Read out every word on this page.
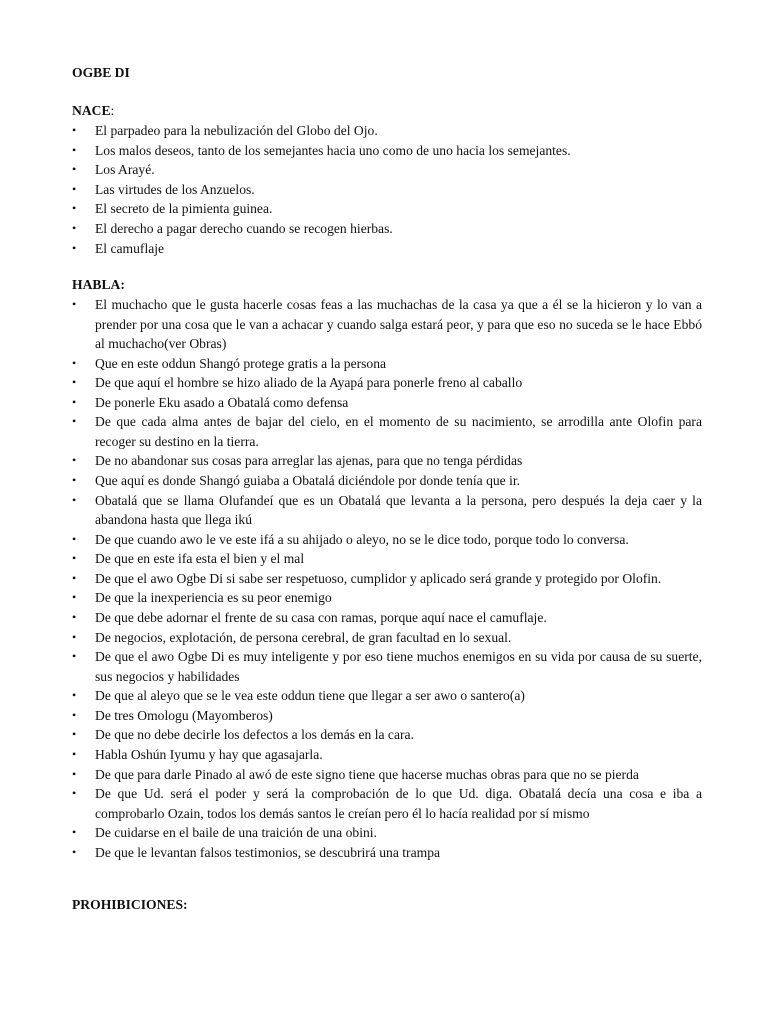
OGBE DI

NACE:

•	El parpadeo para la nebulización del Globo del Ojo.
•	Los malos deseos, tanto de los semejantes hacia uno como de uno hacia los semejantes.
•	Los Arayé.
•	Las virtudes de los Anzuelos.
•	El secreto de la pimienta guinea.
•	El derecho a pagar derecho cuando se recogen hierbas.
•	El camuflaje

HABLA:

•	El muchacho que le gusta hacerle cosas feas a las muchachas de la casa ya que a él se la hicieron y lo van a prender por una cosa que le van a achacar y cuando salga estará peor, y para que eso no suceda se le hace Ebbó al muchacho(ver Obras)
•	Que en este oddun Shangó protege gratis a la persona
•	De que aquí el hombre se hizo aliado de la Ayapá para ponerle freno al caballo
•	De ponerle Eku asado a Obatalá como defensa
•	De que cada alma antes de bajar del cielo, en el momento de su nacimiento, se arrodilla ante Olofin para recoger su destino en la tierra.
•	De no abandonar sus cosas para arreglar las ajenas, para que no tenga pérdidas
•	Que aquí es donde Shangó guiaba a Obatalá diciéndole por donde tenía que ir.
•	Obatalá que se llama Olufandeí que es un Obatalá que levanta a la persona, pero después la deja caer y la abandona hasta que llega ikú
•	De que cuando awo le ve este ifá a su ahijado o aleyo, no se le dice todo, porque todo lo conversa.
•	De que en este ifa esta el bien y el mal
•	De que el awo Ogbe Di si sabe ser respetuoso, cumplidor y aplicado será grande y protegido por Olofin.
•	De que la inexperiencia es su peor enemigo
•	De que debe adornar el frente de su casa con ramas, porque aquí nace el camuflaje.
•	De negocios, explotación, de persona cerebral, de gran facultad en lo sexual.
•	De que el awo Ogbe Di es muy inteligente y por eso tiene muchos enemigos en su vida por causa de su suerte, sus negocios y habilidades
•	De que al aleyo que se le vea este oddun tiene que llegar a ser awo o santero(a)
•	De tres Omologu (Mayomberos)
•	De que no debe decirle los defectos a los demás en la cara.
•	Habla Oshún Iyumu y hay que agasajarla.
•	De que para darle Pinado al awó de este signo tiene que hacerse muchas obras para que no se pierda
•	De que Ud. será el poder y será la comprobación de lo que Ud. diga. Obatalá decía una cosa e iba a comprobarlo Ozain, todos los demás santos le creían pero él lo hacía realidad por sí mismo
•	De cuidarse en el baile de una traición de una obini.
•	De que le levantan falsos testimonios, se descubrirá una trampa

PROHIBICIONES:
